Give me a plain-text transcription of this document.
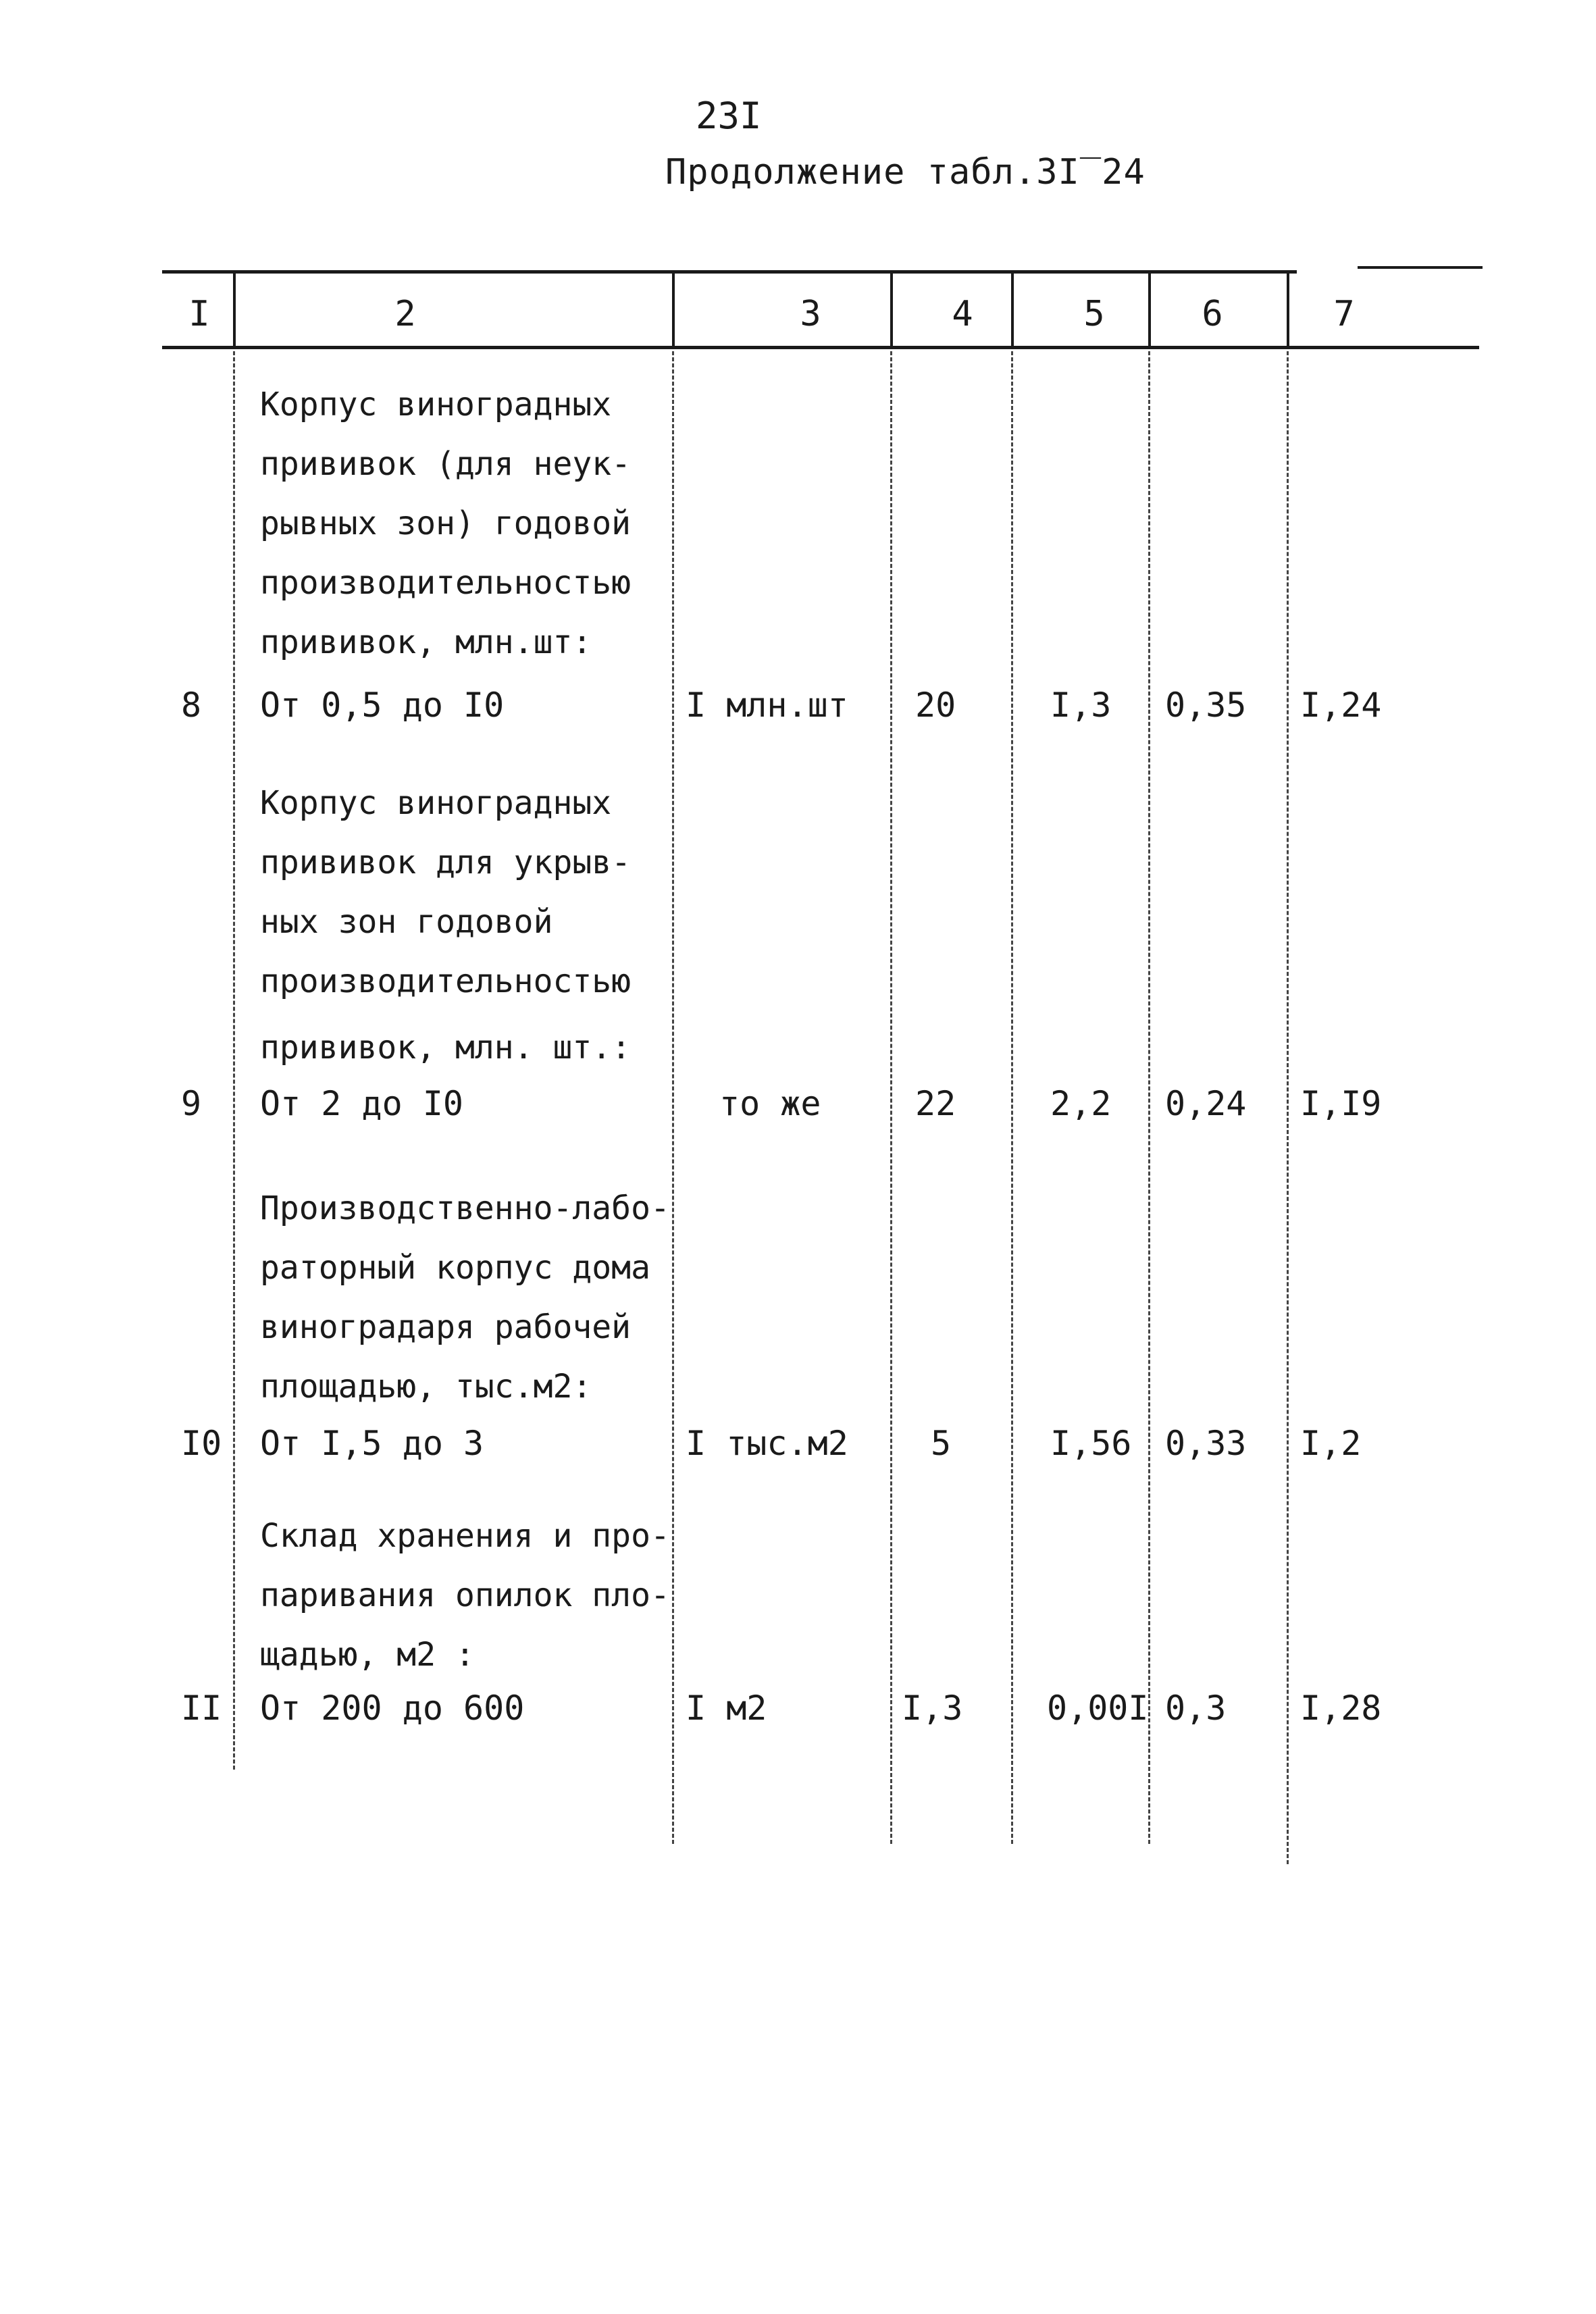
23I
Продолжение табл.3I‾24
I	2	3	4	5	6	7
Корпус виноградных
прививок (для неук-
рывных зон) годовой
производительностью
прививок, млн.шт:
8 От 0,5 до I0	I млн.шт 20	I,3 0,35 I,24
Корпус виноградных
прививок для укрыв-
ных зон годовой
производительностью
прививок, млн. шт.:
9 От 2 до I0	то же	22	2,2 0,24 I,I9
Производственно-лабо-
раторный корпус дома
виноградаря рабочей
площадью, тыс.м2:
I0 От I,5 до 3	I тыс.м2 5	I,56 0,33 I,2
Склад хранения и про-
паривания опилок пло-
щадью, м2 :
II От 200 до 600	I м2	I,3 0,00I 0,3 I,28
